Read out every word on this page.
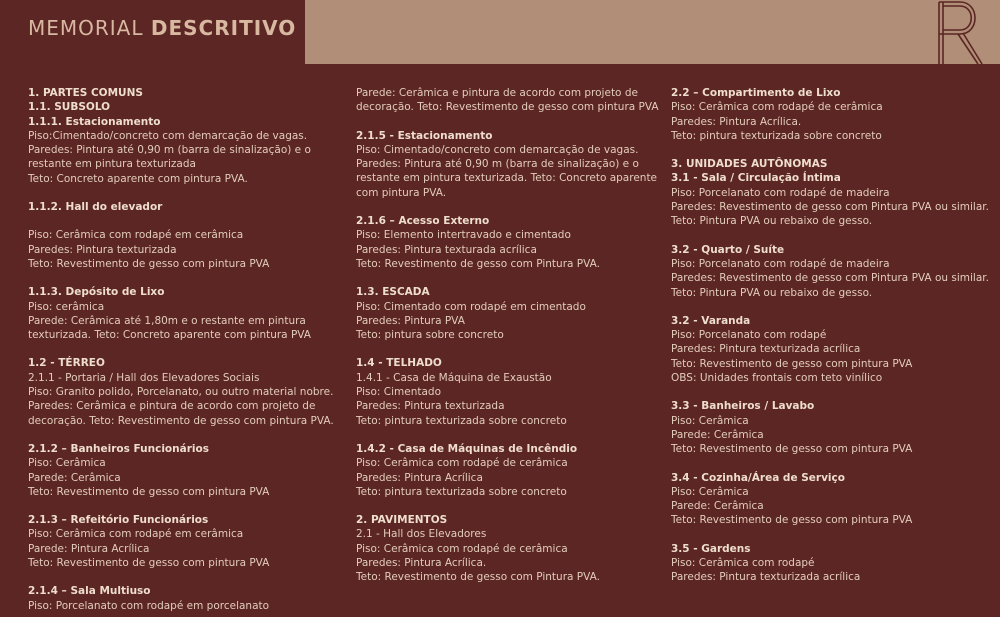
MEMORIAL DESCRITIVO
1. PARTES COMUNS
1.1. SUBSOLO
1.1.1. Estacionamento
Piso:Cimentado/concreto com demarcação de vagas.
Paredes: Pintura até 0,90 m (barra de sinalização) e o
restante em pintura texturizada
Teto: Concreto aparente com pintura PVA.
1.1.2. Hall do elevador
Piso: Cerâmica com rodapé em cerâmica
Paredes: Pintura texturizada
Teto: Revestimento de gesso com pintura PVA
1.1.3. Depósito de Lixo
Piso: cerâmica
Parede: Cerâmica até 1,80m e o restante em pintura
texturizada. Teto: Concreto aparente com pintura PVA
1.2 - TÉRREO
2.1.1 - Portaria / Hall dos Elevadores Sociais
Piso: Granito polido, Porcelanato, ou outro material nobre.
Paredes: Cerâmica e pintura de acordo com projeto de
decoração. Teto: Revestimento de gesso com pintura PVA.
2.1.2 – Banheiros Funcionários
Piso: Cerâmica
Parede: Cerâmica
Teto: Revestimento de gesso com pintura PVA
2.1.3 – Refeitório Funcionários
Piso: Cerâmica com rodapé em cerâmica
Parede: Pintura Acrílica
Teto: Revestimento de gesso com pintura PVA
2.1.4 – Sala Multiuso
Piso: Porcelanato com rodapé em porcelanato
Parede: Cerâmica e pintura de acordo com projeto de
decoração. Teto: Revestimento de gesso com pintura PVA
2.1.5 - Estacionamento
Piso: Cimentado/concreto com demarcação de vagas.
Paredes: Pintura até 0,90 m (barra de sinalização) e o
restante em pintura texturizada. Teto: Concreto aparente
com pintura PVA.
2.1.6 – Acesso Externo
Piso: Elemento intertravado e cimentado
Paredes: Pintura texturada acrílica
Teto: Revestimento de gesso com Pintura PVA.
1.3. ESCADA
Piso: Cimentado com rodapé em cimentado
Paredes: Pintura PVA
Teto: pintura sobre concreto
1.4 - TELHADO
1.4.1 - Casa de Máquina de Exaustão
Piso: Cimentado
Paredes: Pintura texturizada
Teto: pintura texturizada sobre concreto
1.4.2 - Casa de Máquinas de Incêndio
Piso: Cerâmica com rodapé de cerâmica
Paredes: Pintura Acrílica
Teto: pintura texturizada sobre concreto
2. PAVIMENTOS
2.1 - Hall dos Elevadores
Piso: Cerâmica com rodapé de cerâmica
Paredes: Pintura Acrílica.
Teto: Revestimento de gesso com Pintura PVA.
2.2 – Compartimento de Lixo
Piso: Cerâmica com rodapé de cerâmica
Paredes: Pintura Acrílica.
Teto: pintura texturizada sobre concreto
3. UNIDADES AUTÔNOMAS
3.1 - Sala / Circulação Íntima
Piso: Porcelanato com rodapé de madeira
Paredes: Revestimento de gesso com Pintura PVA ou similar.
Teto: Pintura PVA ou rebaixo de gesso.
3.2 - Quarto / Suíte
Piso: Porcelanato com rodapé de madeira
Paredes: Revestimento de gesso com Pintura PVA ou similar.
Teto: Pintura PVA ou rebaixo de gesso.
3.2 - Varanda
Piso: Porcelanato com rodapé
Paredes: Pintura texturizada acrílica
Teto: Revestimento de gesso com pintura PVA
OBS: Unidades frontais com teto vinílico
3.3 - Banheiros / Lavabo
Piso: Cerâmica
Parede: Cerâmica
Teto: Revestimento de gesso com pintura PVA
3.4 - Cozinha/Área de Serviço
Piso: Cerâmica
Parede: Cerâmica
Teto: Revestimento de gesso com pintura PVA
3.5 - Gardens
Piso: Cerâmica com rodapé
Paredes: Pintura texturizada acrílica
